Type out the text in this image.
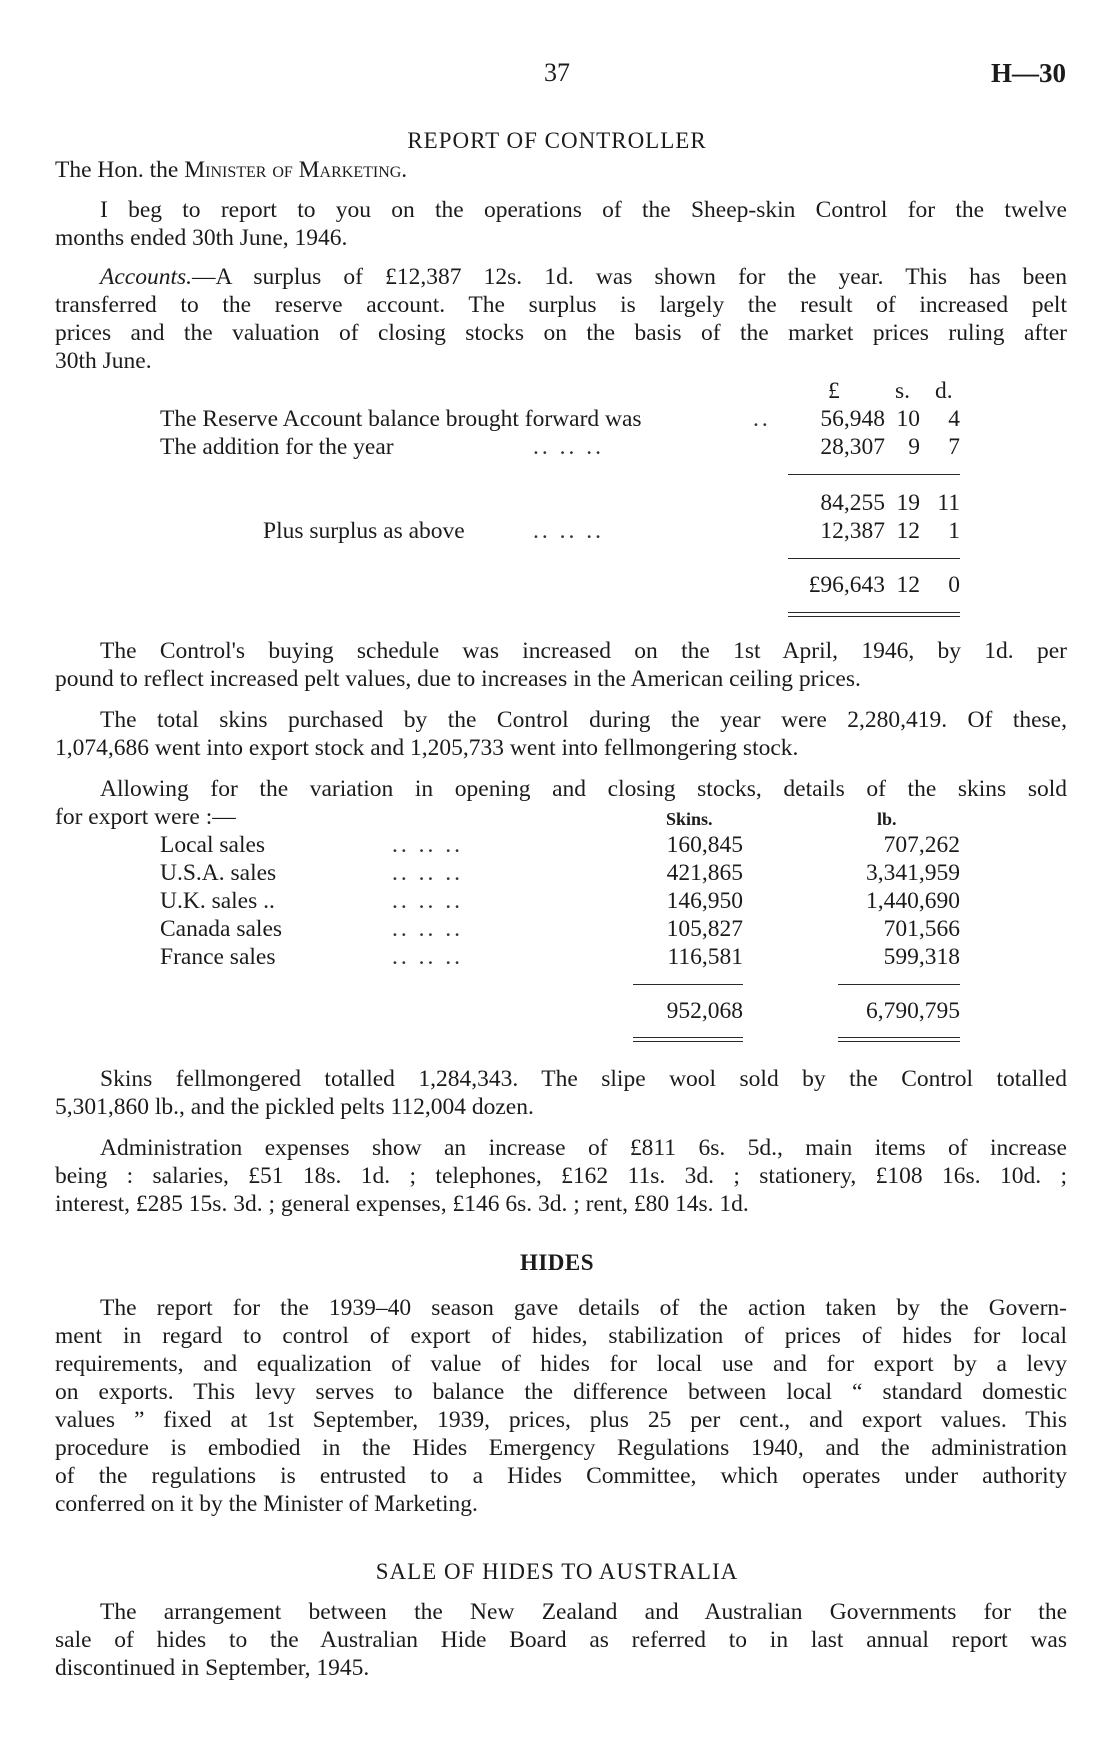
37	H—30
REPORT OF CONTROLLER
The Hon. the Minister of Marketing.
I beg to report to you on the operations of the Sheep-skin Control for the twelve
months ended 30th June, 1946.
Accounts.—A surplus of £12,387 12s. 1d. was shown for the year. This has been
transferred to the reserve account. The surplus is largely the result of increased pelt
prices and the valuation of closing stocks on the basis of the market prices ruling after
30th June.
£ s. d.
The Reserve Account balance brought forward was	..	56,948 10	4
The addition for the year	.. .. ..	28,307 9	7
84,255 19 11
Plus surplus as above	.. .. ..	12,387 12	1
£96,643 12	0
The Control's buying schedule was increased on the 1st April, 1946, by 1d. per
pound to reflect increased pelt values, due to increases in the American ceiling prices.
The total skins purchased by the Control during the year were 2,280,419. Of these,
1,074,686 went into export stock and 1,205,733 went into fellmongering stock.
Allowing for the variation in opening and closing stocks, details of the skins sold
for export were :—	Skins.	lb.
Local sales	.. .. ..	160,845	707,262
U.S.A. sales	.. .. ..	421,865	3,341,959
U.K. sales ..	.. .. ..	146,950	1,440,690
Canada sales	.. .. ..	105,827	701,566
France sales	.. .. ..	116,581	599,318
952,068	6,790,795
Skins fellmongered totalled 1,284,343. The slipe wool sold by the Control totalled
5,301,860 lb., and the pickled pelts 112,004 dozen.
Administration expenses show an increase of £811 6s. 5d., main items of increase
being : salaries, £51 18s. 1d. ; telephones, £162 11s. 3d. ; stationery, £108 16s. 10d. ;
interest, £285 15s. 3d. ; general expenses, £146 6s. 3d. ; rent, £80 14s. 1d.
HIDES
The report for the 1939–40 season gave details of the action taken by the Govern-
ment in regard to control of export of hides, stabilization of prices of hides for local
requirements, and equalization of value of hides for local use and for export by a levy
on exports. This levy serves to balance the difference between local “ standard domestic
values ” fixed at 1st September, 1939, prices, plus 25 per cent., and export values. This
procedure is embodied in the Hides Emergency Regulations 1940, and the administration
of the regulations is entrusted to a Hides Committee, which operates under authority
conferred on it by the Minister of Marketing.
SALE OF HIDES TO AUSTRALIA
The arrangement between the New Zealand and Australian Governments for the
sale of hides to the Australian Hide Board as referred to in last annual report was
discontinued in September, 1945.
